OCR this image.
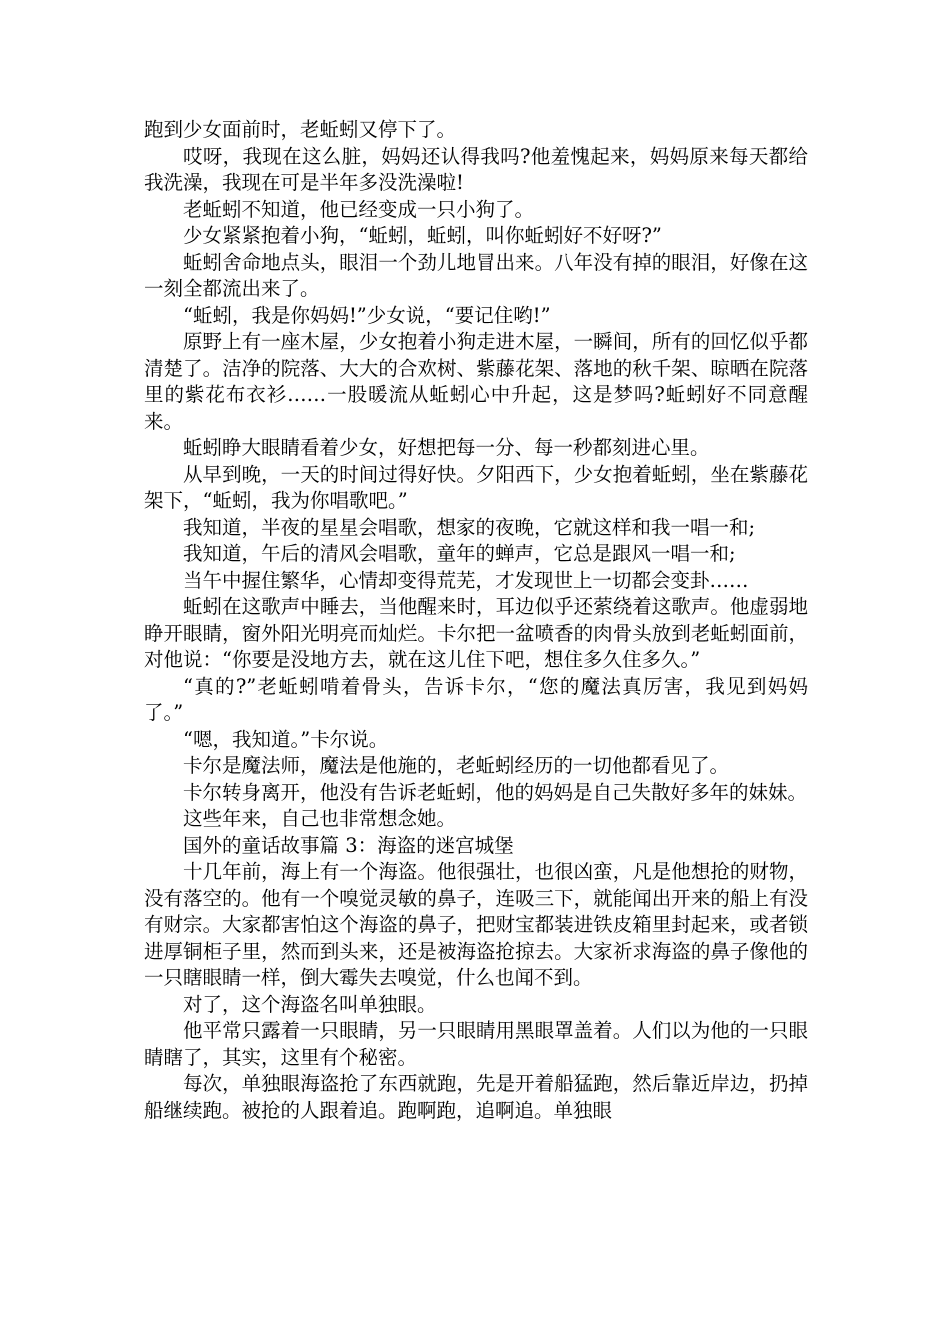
跑到少女面前时，老蚯蚓又停下了。

哎呀，我现在这么脏，妈妈还认得我吗?他羞愧起来，妈妈原来每天都给我洗澡，我现在可是半年多没洗澡啦!

老蚯蚓不知道，他已经变成一只小狗了。

少女紧紧抱着小狗，“蚯蚓，蚯蚓，叫你蚯蚓好不好呀?”

蚯蚓舍命地点头，眼泪一个劲儿地冒出来。八年没有掉的眼泪，好像在这一刻全都流出来了。

“蚯蚓，我是你妈妈!”少女说，“要记住哟!”

原野上有一座木屋，少女抱着小狗走进木屋，一瞬间，所有的回忆似乎都清楚了。洁净的院落、大大的合欢树、紫藤花架、落地的秋千架、晾晒在院落里的紫花布衣衫……一股暖流从蚯蚓心中升起，这是梦吗?蚯蚓好不同意醒来。

蚯蚓睁大眼睛看着少女，好想把每一分、每一秒都刻进心里。

从早到晚，一天的时间过得好快。夕阳西下，少女抱着蚯蚓，坐在紫藤花架下，“蚯蚓，我为你唱歌吧。”

我知道，半夜的星星会唱歌，想家的夜晚，它就这样和我一唱一和;

我知道，午后的清风会唱歌，童年的蝉声，它总是跟风一唱一和;

当午中握住繁华，心情却变得荒芜，才发现世上一切都会变卦……

蚯蚓在这歌声中睡去，当他醒来时，耳边似乎还萦绕着这歌声。他虚弱地睁开眼睛，窗外阳光明亮而灿烂。卡尔把一盆喷香的肉骨头放到老蚯蚓面前，对他说：“你要是没地方去，就在这儿住下吧，想住多久住多久。”

“真的?”老蚯蚓啃着骨头，告诉卡尔，“您的魔法真厉害，我见到妈妈了。”

“嗯，我知道。”卡尔说。

卡尔是魔法师，魔法是他施的，老蚯蚓经历的一切他都看见了。

卡尔转身离开，他没有告诉老蚯蚓，他的妈妈是自己失散好多年的妹妹。

这些年来，自己也非常想念她。

国外的童话故事篇 3：海盗的迷宫城堡

十几年前，海上有一个海盗。他很强壮，也很凶蛮，凡是他想抢的财物，没有落空的。他有一个嗅觉灵敏的鼻子，连吸三下，就能闻出开来的船上有没有财宗。大家都害怕这个海盗的鼻子，把财宝都装进铁皮箱里封起来，或者锁进厚铜柜子里，然而到头来，还是被海盗抢掠去。大家祈求海盗的鼻子像他的一只瞎眼睛一样，倒大霉失去嗅觉，什么也闻不到。

对了，这个海盗名叫单独眼。

他平常只露着一只眼睛，另一只眼睛用黑眼罩盖着。人们以为他的一只眼睛瞎了，其实，这里有个秘密。

每次，单独眼海盗抢了东西就跑，先是开着船猛跑，然后靠近岸边，扔掉船继续跑。被抢的人跟着追。跑啊跑，追啊追。单独眼
